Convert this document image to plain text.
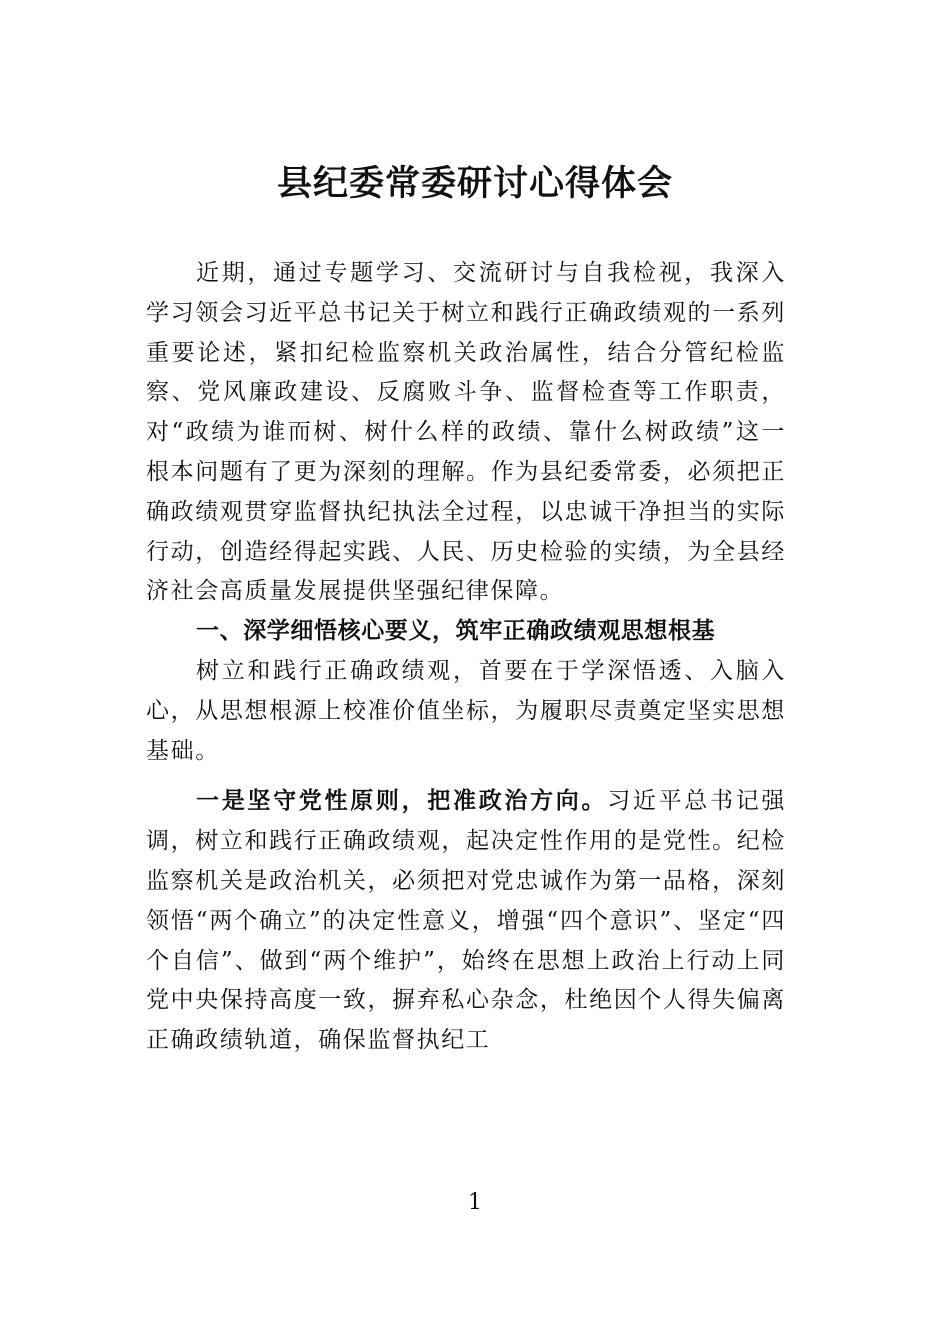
县纪委常委研讨心得体会

近期，通过专题学习、交流研讨与自我检视，我深入学习领会习近平总书记关于树立和践行正确政绩观的一系列重要论述，紧扣纪检监察机关政治属性，结合分管纪检监察、党风廉政建设、反腐败斗争、监督检查等工作职责，对“政绩为谁而树、树什么样的政绩、靠什么树政绩”这一根本问题有了更为深刻的理解。作为县纪委常委，必须把正确政绩观贯穿监督执纪执法全过程，以忠诚干净担当的实际行动，创造经得起实践、人民、历史检验的实绩，为全县经济社会高质量发展提供坚强纪律保障。

一、深学细悟核心要义，筑牢正确政绩观思想根基

树立和践行正确政绩观，首要在于学深悟透、入脑入心，从思想根源上校准价值坐标，为履职尽责奠定坚实思想基础。

一是坚守党性原则，把准政治方向。习近平总书记强调，树立和践行正确政绩观，起决定性作用的是党性。纪检监察机关是政治机关，必须把对党忠诚作为第一品格，深刻领悟“两个确立”的决定性意义，增强“四个意识”、坚定“四个自信”、做到“两个维护”，始终在思想上政治上行动上同党中央保持高度一致，摒弃私心杂念，杜绝因个人得失偏离正确政绩轨道，确保监督执纪工

1
